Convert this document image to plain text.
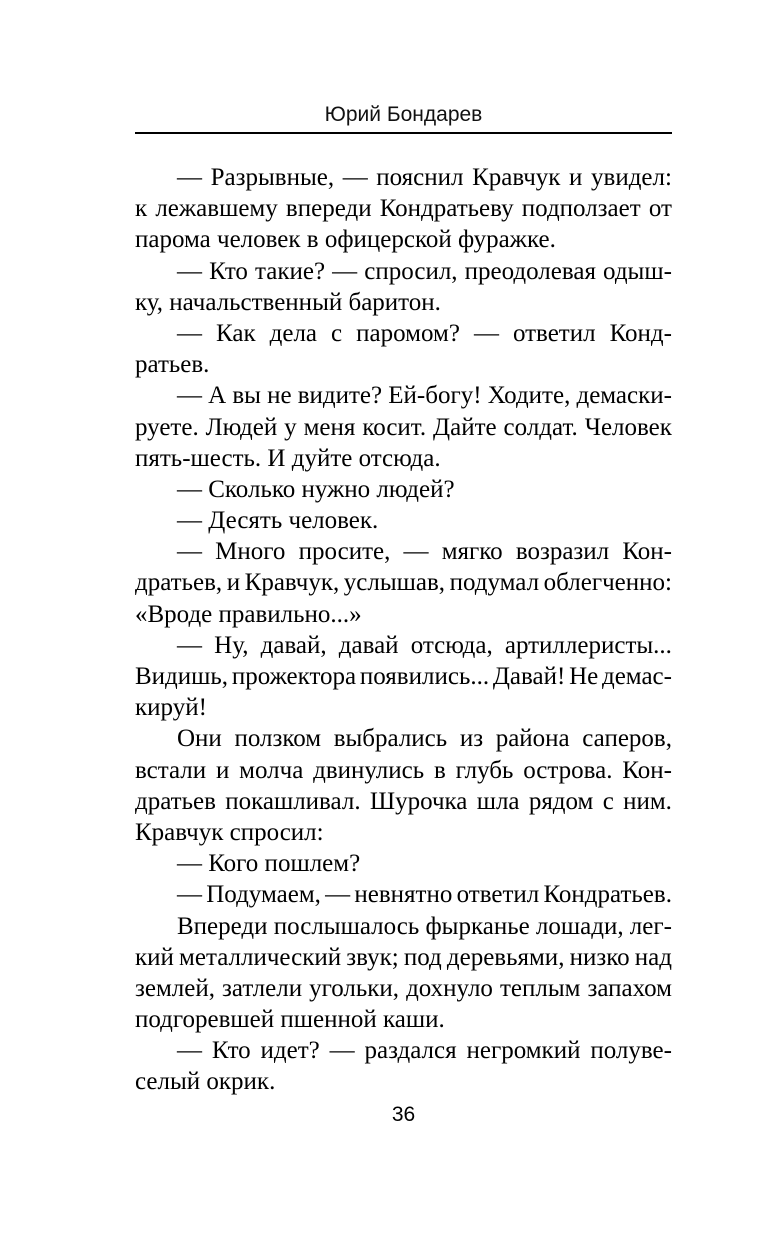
Юрий Бондарев
— Разрывные, — пояснил Кравчук и увидел:
к лежавшему впереди Кондратьеву подползает от
парома человек в офицерской фуражке.
— Кто такие? — спросил, преодолевая одыш-
ку, начальственный баритон.
— Как дела с паромом? — ответил Конд-
ратьев.
— А вы не видите? Ей-богу! Ходите, демаски-
руете. Людей у меня косит. Дайте солдат. Человек
пять-шесть. И дуйте отсюда.
— Сколько нужно людей?
— Десять человек.
— Много просите, — мягко возразил Кон-
дратьев, и Кравчук, услышав, подумал облегченно:
«Вроде правильно...»
— Ну, давай, давай отсюда, артиллеристы...
Видишь, прожектора появились... Давай! Не демас-
кируй!
Они ползком выбрались из района саперов,
встали и молча двинулись в глубь острова. Кон-
дратьев покашливал. Шурочка шла рядом с ним.
Кравчук спросил:
— Кого пошлем?
— Подумаем, — невнятно ответил Кондратьев.
Впереди послышалось фырканье лошади, лег-
кий металлический звук; под деревьями, низко над
землей, затлели угольки, дохнуло теплым запахом
подгоревшей пшенной каши.
— Кто идет? — раздался негромкий полуве-
селый окрик.
36
